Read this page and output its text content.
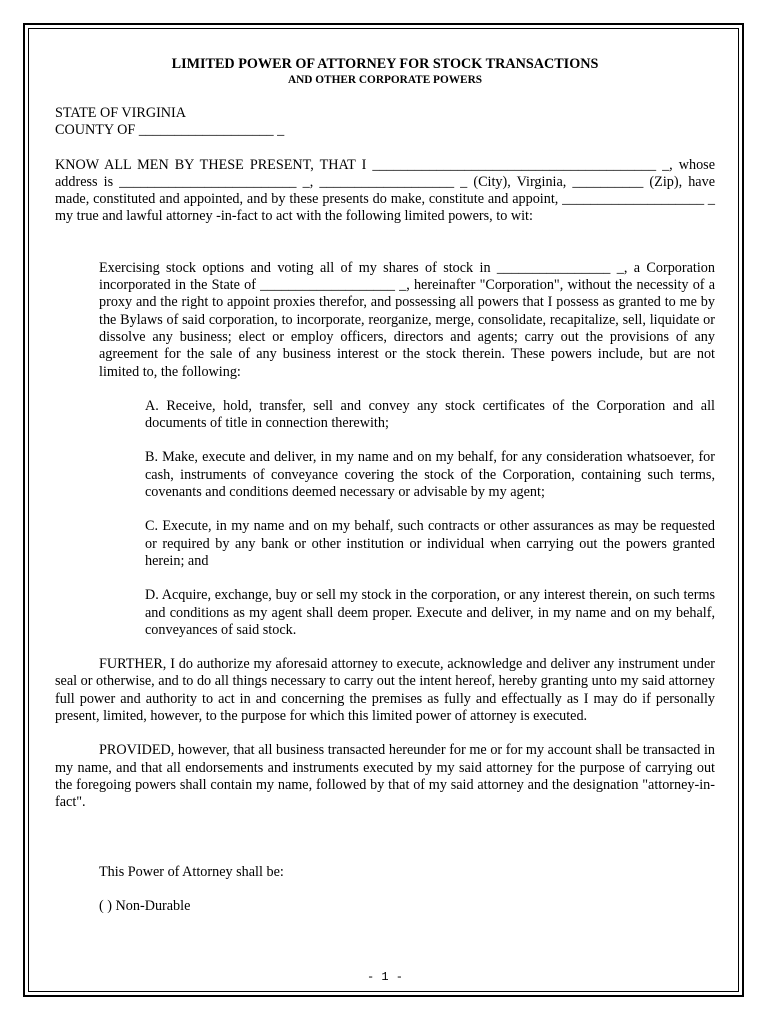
LIMITED POWER OF ATTORNEY FOR STOCK TRANSACTIONS

AND OTHER CORPORATE POWERS

STATE OF VIRGINIA

COUNTY OF ___________________ _

KNOW ALL MEN BY THESE PRESENT, THAT I ________________________________________ _, whose address is _________________________ _, ___________________ _ (City), Virginia, __________ (Zip), have made, constituted and appointed, and by these presents do make, constitute and appoint, ____________________ _ my true and lawful attorney -in-fact to act with the following limited powers, to wit:

Exercising stock options and voting all of my shares of stock in ________________ _, a Corporation incorporated in the State of ___________________ _, hereinafter "Corporation", without the necessity of a proxy and the right to appoint proxies therefor, and possessing all powers that I possess as granted to me by the Bylaws of said corporation, to incorporate, reorganize, merge, consolidate, recapitalize, sell, liquidate or dissolve any business; elect or employ officers, directors and agents; carry out the provisions of any agreement for the sale of any business interest or the stock therein. These powers include, but are not limited to, the following:

A. Receive, hold, transfer, sell and convey any stock certificates of the Corporation and all documents of title in connection therewith;

B. Make, execute and deliver, in my name and on my behalf, for any consideration whatsoever, for cash, instruments of conveyance covering the stock of the Corporation, containing such terms, covenants and conditions deemed necessary or advisable by my agent;

C. Execute, in my name and on my behalf, such contracts or other assurances as may be requested or required by any bank or other institution or individual when carrying out the powers granted herein; and

D. Acquire, exchange, buy or sell my stock in the corporation, or any interest therein, on such terms and conditions as my agent shall deem proper. Execute and deliver, in my name and on my behalf, conveyances of said stock.

FURTHER, I do authorize my aforesaid attorney to execute, acknowledge and deliver any instrument under seal or otherwise, and to do all things necessary to carry out the intent hereof, hereby granting unto my said attorney full power and authority to act in and concerning the premises as fully and effectually as I may do if personally present, limited, however, to the purpose for which this limited power of attorney is executed.

PROVIDED, however, that all business transacted hereunder for me or for my account shall be transacted in my name, and that all endorsements and instruments executed by my said attorney for the purpose of carrying out the foregoing powers shall contain my name, followed by that of my said attorney and the designation "attorney-in-fact".

This Power of Attorney shall be:

( ) Non-Durable

- 1 -
